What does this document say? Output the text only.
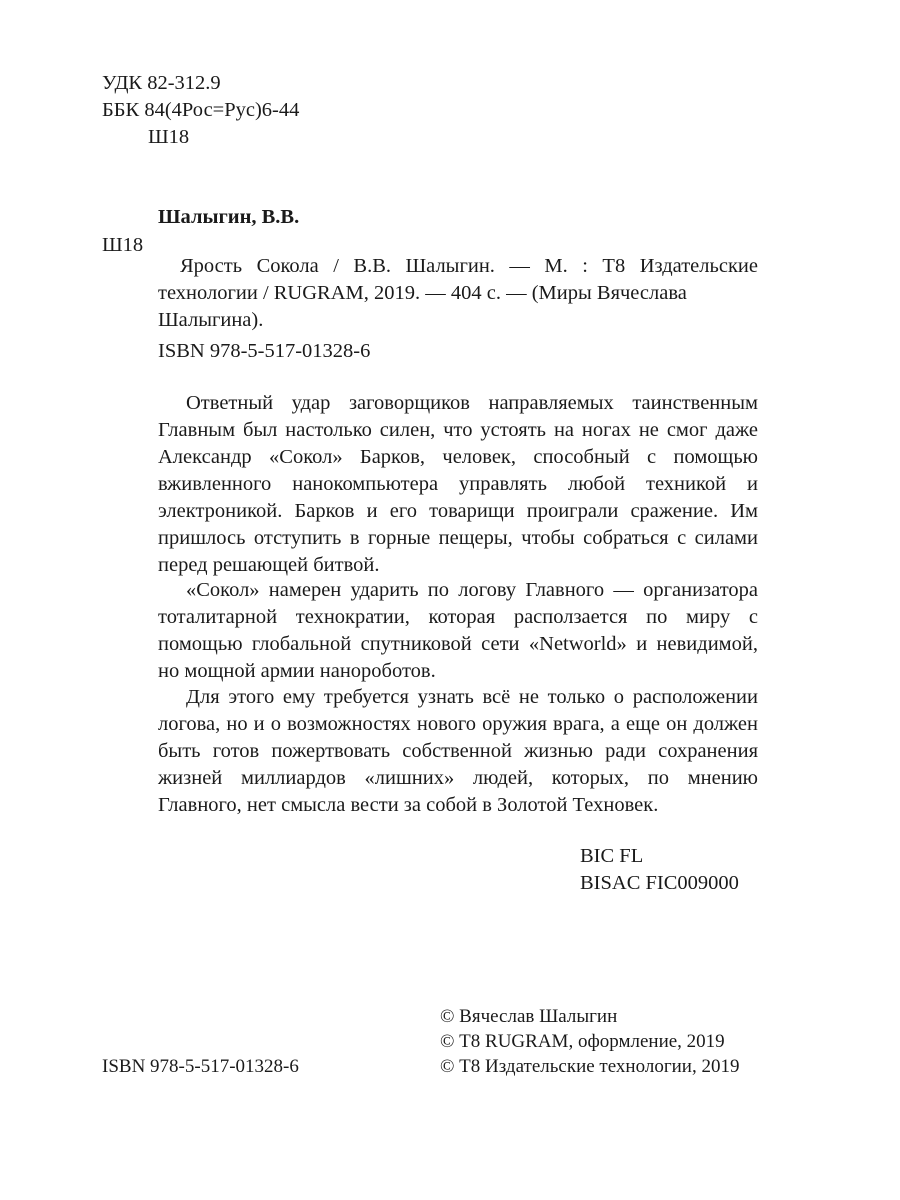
УДК 82-312.9

ББК 84(4Рос=Рус)6-44

Ш18

Шалыгин, В.В.

Ш18

Ярость Сокола / В.В. Шалыгин. — М. : Т8 Издательские технологии / RUGRAM, 2019. — 404 с. — (Миры Вячеслава

Шалыгина).

ISBN 978-5-517-01328-6

Ответный удар заговорщиков направляемых таинственным Главным был настолько силен, что устоять на ногах не смог даже Александр «Сокол» Барков, человек, способный с помощью вживленного нанокомпьютера управлять любой техникой и электроникой. Барков и его товарищи проиграли сражение. Им пришлось отступить в горные пещеры, чтобы собраться с силами перед решающей битвой.

«Сокол» намерен ударить по логову Главного — организатора тоталитарной технократии, которая расползается по миру с помощью глобальной спутниковой сети «Networld» и невидимой, но мощной армии нанороботов.

Для этого ему требуется узнать всё не только о расположении логова, но и о возможностях нового оружия врага, а еще он должен быть готов пожертвовать собственной жизнью ради сохранения жизней миллиардов «лишних» людей, которых, по мнению Главного, нет смысла вести за собой в Золотой Техновек.

BIC FL

BISAC FIC009000

© Вячеслав Шалыгин

© Т8 RUGRAM, оформление, 2019

© Т8 Издательские технологии, 2019

ISBN 978-5-517-01328-6
